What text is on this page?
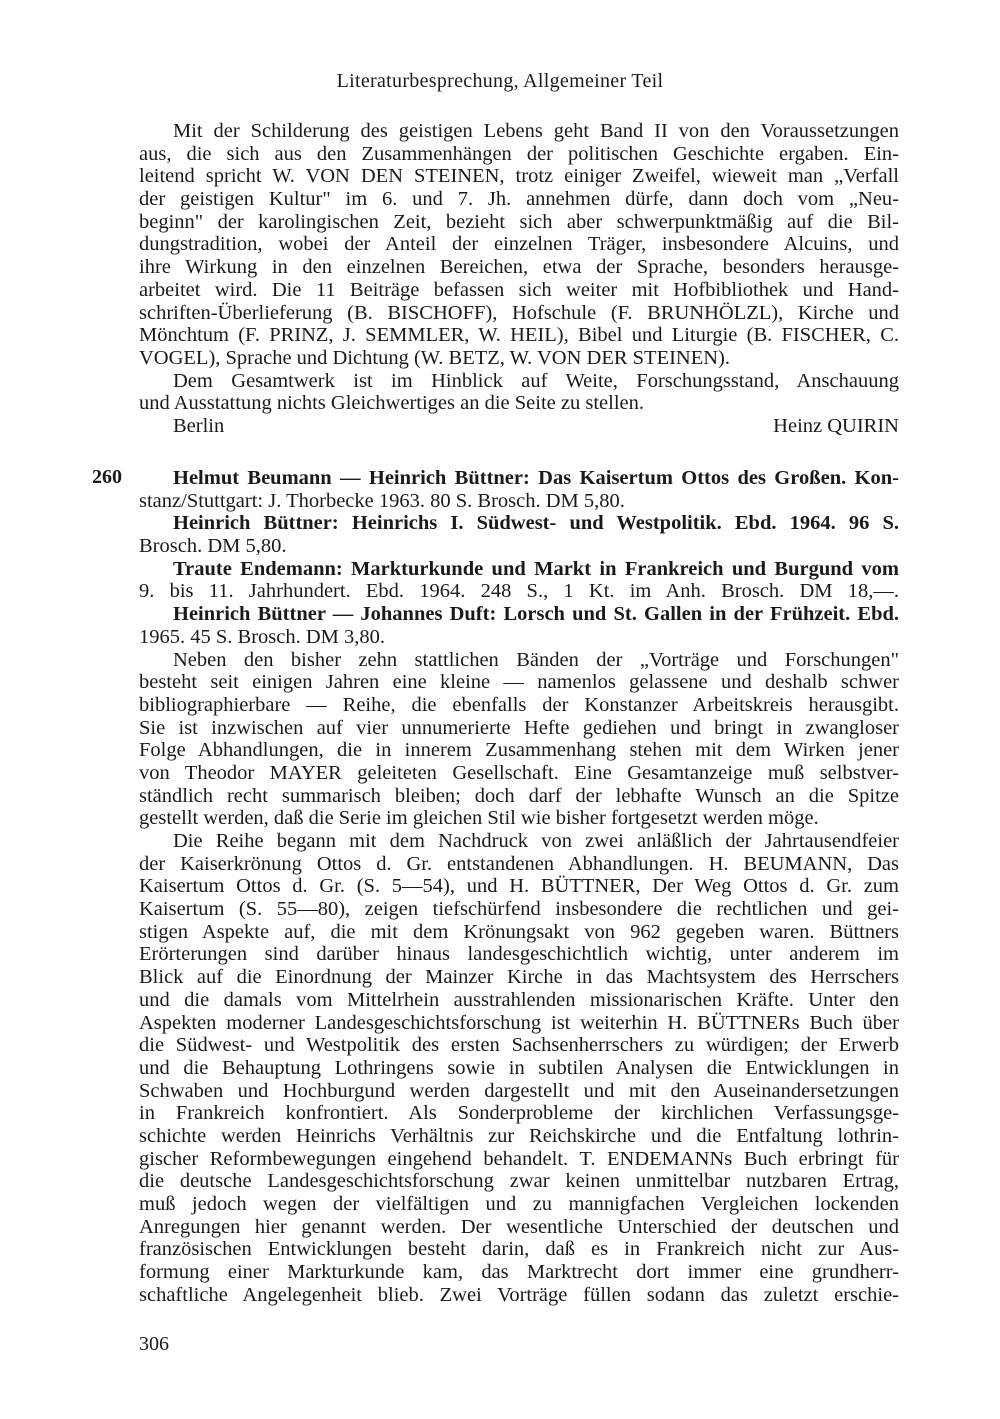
Literaturbesprechung, Allgemeiner Teil
Mit der Schilderung des geistigen Lebens geht Band II von den Voraussetzungen
aus, die sich aus den Zusammenhängen der politischen Geschichte ergaben. Ein-
leitend spricht W. VON DEN STEINEN, trotz einiger Zweifel, wieweit man „Verfall
der geistigen Kultur" im 6. und 7. Jh. annehmen dürfe, dann doch vom „Neu-
beginn" der karolingischen Zeit, bezieht sich aber schwerpunktmäßig auf die Bil-
dungstradition, wobei der Anteil der einzelnen Träger, insbesondere Alcuins, und
ihre Wirkung in den einzelnen Bereichen, etwa der Sprache, besonders herausge-
arbeitet wird. Die 11 Beiträge befassen sich weiter mit Hofbibliothek und Hand-
schriften-Überlieferung (B. BISCHOFF), Hofschule (F. BRUNHÖLZL), Kirche und
Mönchtum (F. PRINZ, J. SEMMLER, W. HEIL), Bibel und Liturgie (B. FISCHER, C.
VOGEL), Sprache und Dichtung (W. BETZ, W. VON DER STEINEN).
Dem Gesamtwerk ist im Hinblick auf Weite, Forschungsstand, Anschauung
und Ausstattung nichts Gleichwertiges an die Seite zu stellen.
Berlin	Heinz QUIRIN
260	Helmut Beumann — Heinrich Büttner: Das Kaisertum Ottos des Großen. Kon-
stanz/Stuttgart: J. Thorbecke 1963. 80 S. Brosch. DM 5,80.
Heinrich Büttner: Heinrichs I. Südwest- und Westpolitik. Ebd. 1964. 96 S.
Brosch. DM 5,80.
Traute Endemann: Markturkunde und Markt in Frankreich und Burgund vom
9. bis 11. Jahrhundert. Ebd. 1964. 248 S., 1 Kt. im Anh. Brosch. DM 18,—.
Heinrich Büttner — Johannes Duft: Lorsch und St. Gallen in der Frühzeit. Ebd.
1965. 45 S. Brosch. DM 3,80.
Neben den bisher zehn stattlichen Bänden der „Vorträge und Forschungen"
besteht seit einigen Jahren eine kleine — namenlos gelassene und deshalb schwer
bibliographierbare — Reihe, die ebenfalls der Konstanzer Arbeitskreis herausgibt.
Sie ist inzwischen auf vier unnumerierte Hefte gediehen und bringt in zwangloser
Folge Abhandlungen, die in innerem Zusammenhang stehen mit dem Wirken jener
von Theodor MAYER geleiteten Gesellschaft. Eine Gesamtanzeige muß selbstver-
ständlich recht summarisch bleiben; doch darf der lebhafte Wunsch an die Spitze
gestellt werden, daß die Serie im gleichen Stil wie bisher fortgesetzt werden möge.
Die Reihe begann mit dem Nachdruck von zwei anläßlich der Jahrtausendfeier
der Kaiserkrönung Ottos d. Gr. entstandenen Abhandlungen. H. BEUMANN, Das
Kaisertum Ottos d. Gr. (S. 5—54), und H. BÜTTNER, Der Weg Ottos d. Gr. zum
Kaisertum (S. 55—80), zeigen tiefschürfend insbesondere die rechtlichen und gei-
stigen Aspekte auf, die mit dem Krönungsakt von 962 gegeben waren. Büttners
Erörterungen sind darüber hinaus landesgeschichtlich wichtig, unter anderem im
Blick auf die Einordnung der Mainzer Kirche in das Machtsystem des Herrschers
und die damals vom Mittelrhein ausstrahlenden missionarischen Kräfte. Unter den
Aspekten moderner Landesgeschichtsforschung ist weiterhin H. BÜTTNERs Buch über
die Südwest- und Westpolitik des ersten Sachsenherrschers zu würdigen; der Erwerb
und die Behauptung Lothringens sowie in subtilen Analysen die Entwicklungen in
Schwaben und Hochburgund werden dargestellt und mit den Auseinandersetzungen
in Frankreich konfrontiert. Als Sonderprobleme der kirchlichen Verfassungsge-
schichte werden Heinrichs Verhältnis zur Reichskirche und die Entfaltung lothrin-
gischer Reformbewegungen eingehend behandelt. T. ENDEMANNs Buch erbringt für
die deutsche Landesgeschichtsforschung zwar keinen unmittelbar nutzbaren Ertrag,
muß jedoch wegen der vielfältigen und zu mannigfachen Vergleichen lockenden
Anregungen hier genannt werden. Der wesentliche Unterschied der deutschen und
französischen Entwicklungen besteht darin, daß es in Frankreich nicht zur Aus-
formung einer Markturkunde kam, das Marktrecht dort immer eine grundherr-
schaftliche Angelegenheit blieb. Zwei Vorträge füllen sodann das zuletzt erschie-
306
